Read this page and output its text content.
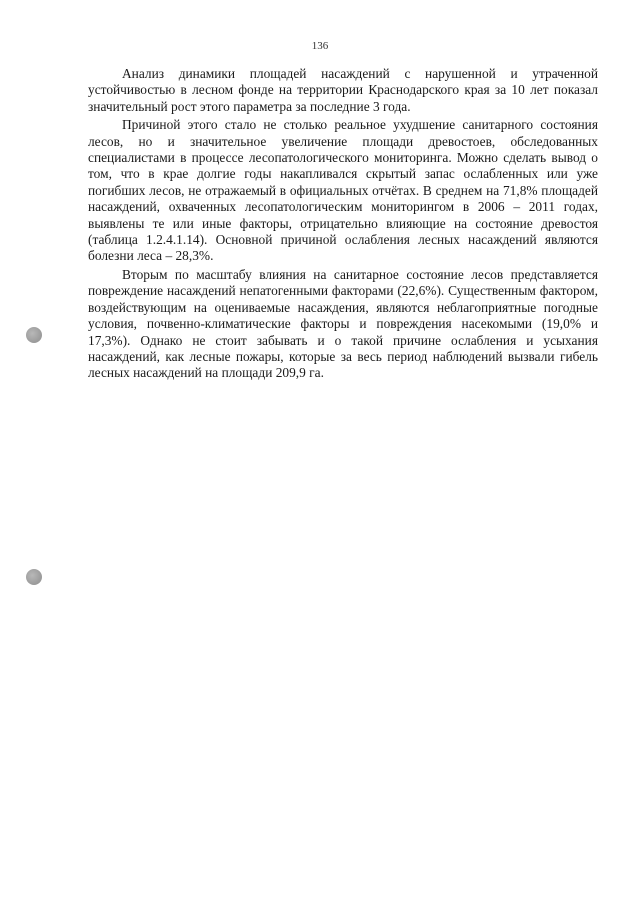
136

Анализ динамики площадей насаждений с нарушенной и утраченной устойчивостью в лесном фонде на территории Краснодарского края за 10 лет показал значительный рост этого параметра за последние 3 года.

Причиной этого стало не столько реальное ухудшение санитарного состояния лесов, но и значительное увеличение площади древостоев, обследованных специалистами в процессе лесопатологического мониторинга. Можно сделать вывод о том, что в крае долгие годы накапливался скрытый запас ослабленных или уже погибших лесов, не отражаемый в официальных отчётах. В среднем на 71,8% площадей насаждений, охваченных лесопатологическим мониторингом в 2006 – 2011 годах, выявлены те или иные факторы, отрицательно влияющие на состояние древостоя (таблица 1.2.4.1.14). Основной причиной ослабления лесных насаждений являются болезни леса – 28,3%.

Вторым по масштабу влияния на санитарное состояние лесов представляется повреждение насаждений непатогенными факторами (22,6%). Существенным фактором, воздействующим на оцениваемые насаждения, являются неблагоприятные погодные условия, почвенно-климатические факторы и повреждения насекомыми (19,0% и 17,3%). Однако не стоит забывать и о такой причине ослабления и усыхания насаждений, как лесные пожары, которые за весь период наблюдений вызвали гибель лесных насаждений на площади 209,9 га.
